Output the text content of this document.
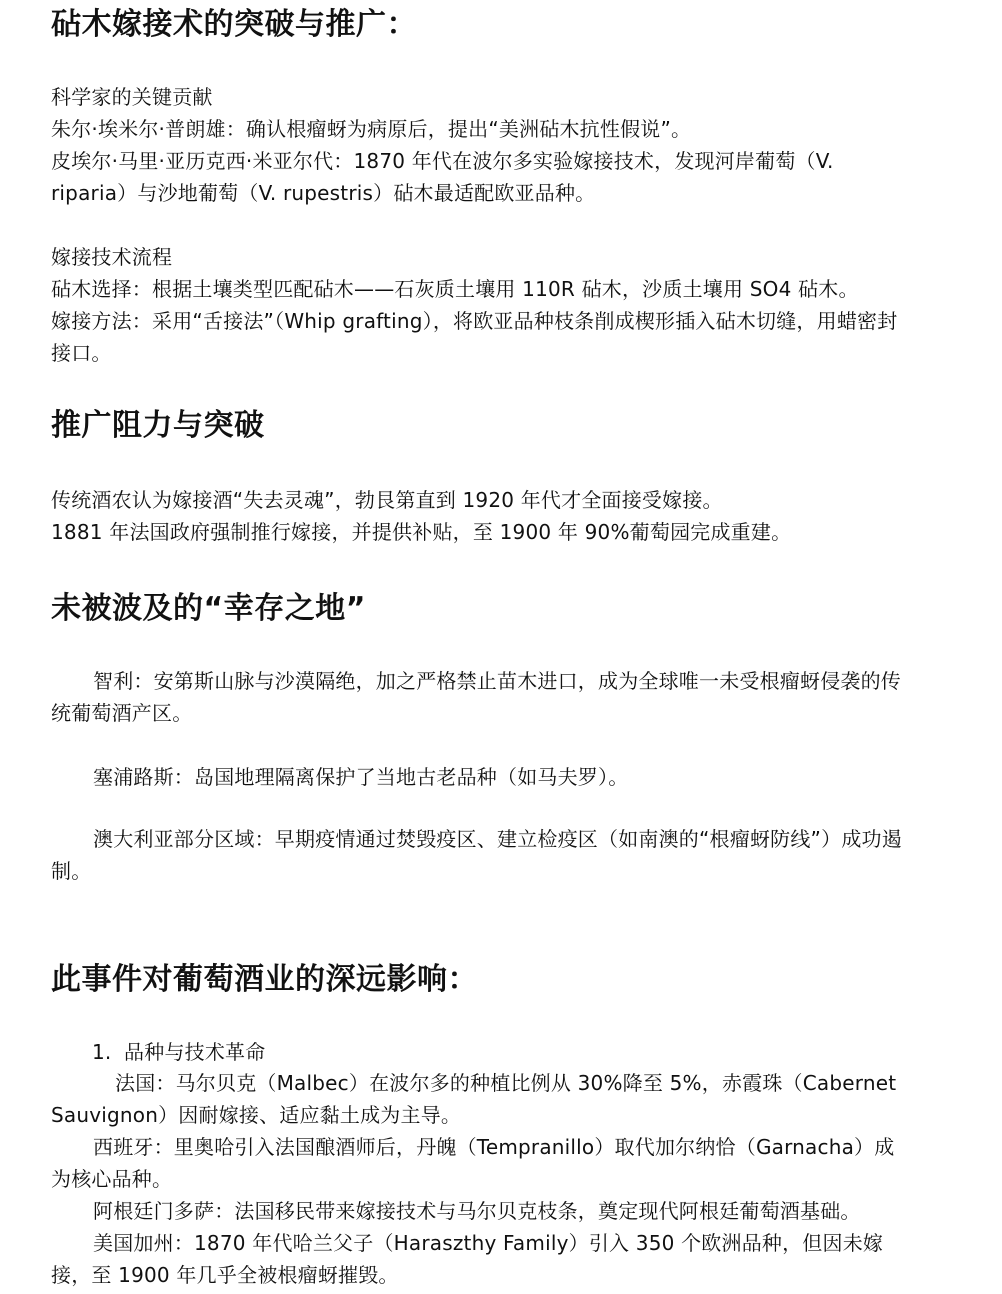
砧木嫁接术的突破与推广：

科学家的关键贡献

朱尔·埃米尔·普朗雄：确认根瘤蚜为病原后，提出“美洲砧木抗性假说”。

皮埃尔·马里·亚历克西·米亚尔代：1870 年代在波尔多实验嫁接技术，发现河岸葡萄（V. riparia）与沙地葡萄（V. rupestris）砧木最适配欧亚品种。

嫁接技术流程

砧木选择：根据土壤类型匹配砧木——石灰质土壤用 110R 砧木，沙质土壤用 SO4 砧木。

嫁接方法：采用“舌接法”（Whip grafting），将欧亚品种枝条削成楔形插入砧木切缝，用蜡密封接口。

推广阻力与突破

传统酒农认为嫁接酒“失去灵魂”，勃艮第直到 1920 年代才全面接受嫁接。

1881 年法国政府强制推行嫁接，并提供补贴，至 1900 年 90%葡萄园完成重建。

未被波及的“幸存之地”

智利：安第斯山脉与沙漠隔绝，加之严格禁止苗木进口，成为全球唯一未受根瘤蚜侵袭的传统葡萄酒产区。

塞浦路斯：岛国地理隔离保护了当地古老品种（如马夫罗）。

澳大利亚部分区域：早期疫情通过焚毁疫区、建立检疫区（如南澳的“根瘤蚜防线”）成功遏制。

此事件对葡萄酒业的深远影响：

1. 品种与技术革命

法国：马尔贝克（Malbec）在波尔多的种植比例从 30%降至 5%，赤霞珠（Cabernet Sauvignon）因耐嫁接、适应黏土成为主导。

西班牙：里奥哈引入法国酿酒师后，丹魄（Tempranillo）取代加尔纳恰（Garnacha）成为核心品种。

阿根廷门多萨：法国移民带来嫁接技术与马尔贝克枝条，奠定现代阿根廷葡萄酒基础。

美国加州：1870 年代哈兰父子（Haraszthy Family）引入 350 个欧洲品种，但因未嫁接，至 1900 年几乎全被根瘤蚜摧毁。
